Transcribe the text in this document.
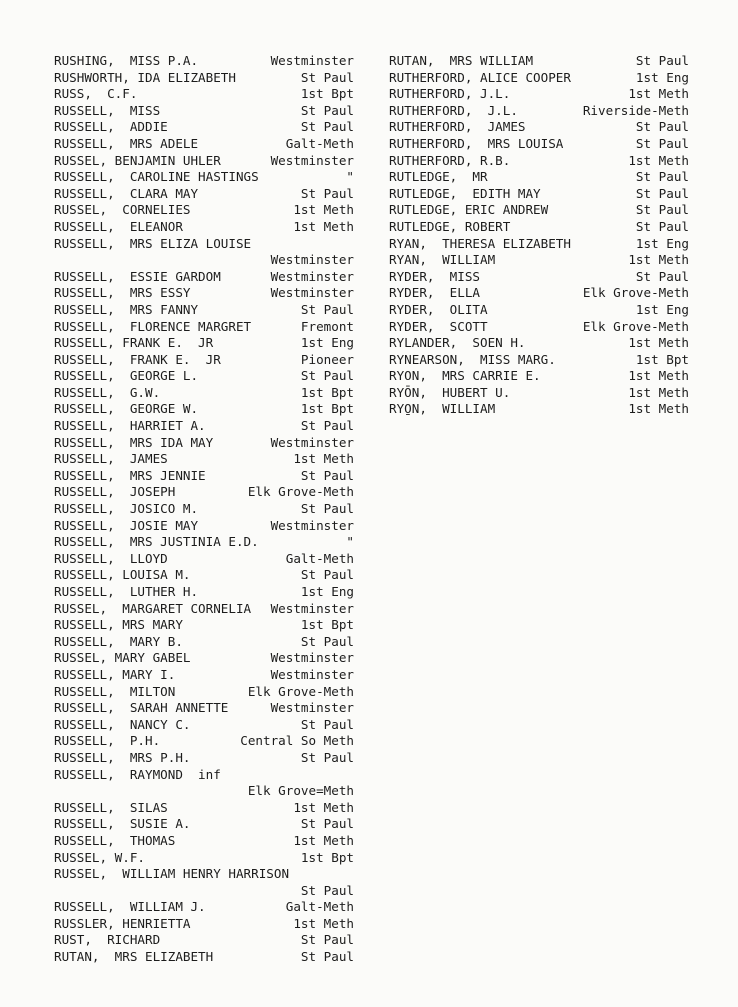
RUSHING,  MISS P.A.	Westminster
RUSHWORTH, IDA ELIZABETH	St Paul
RUSS,  C.F.	1st Bpt
RUSSELL,  MISS	St Paul
RUSSELL,  ADDIE	St Paul
RUSSELL,  MRS ADELE	Galt-Meth
RUSSEL, BENJAMIN UHLER	Westminster
RUSSELL,  CAROLINE HASTINGS	"
RUSSELL,  CLARA MAY	St Paul
RUSSEL,  CORNELIES	1st Meth
RUSSELL,  ELEANOR	1st Meth
RUSSELL,  MRS ELIZA LOUISE
Westminster
RUSSELL,  ESSIE GARDOM	Westminster
RUSSELL,  MRS ESSY	Westminster
RUSSELL,  MRS FANNY	St Paul
RUSSELL,  FLORENCE MARGRET	Fremont
RUSSELL, FRANK E.  JR	1st Eng
RUSSELL,  FRANK E.  JR	Pioneer
RUSSELL,  GEORGE L.	St Paul
RUSSELL,  G.W.	1st Bpt
RUSSELL,  GEORGE W.	1st Bpt
RUSSELL,  HARRIET A.	St Paul
RUSSELL,  MRS IDA MAY	Westminster
RUSSELL,  JAMES	1st Meth
RUSSELL,  MRS JENNIE	St Paul
RUSSELL,  JOSEPH	Elk Grove-Meth
RUSSELL,  JOSICO M.	St Paul
RUSSELL,  JOSIE MAY	Westminster
RUSSELL,  MRS JUSTINIA E.D.	"
RUSSELL,  LLOYD	Galt-Meth
RUSSELL, LOUISA M.	St Paul
RUSSELL,  LUTHER H.	1st Eng
RUSSEL,  MARGARET CORNELIA Westminster
RUSSELL, MRS MARY	1st Bpt
RUSSELL,  MARY B.	St Paul
RUSSEL, MARY GABEL	Westminster
RUSSELL, MARY I.	Westminster
RUSSELL,  MILTON	Elk Grove-Meth
RUSSELL,  SARAH ANNETTE	Westminster
RUSSELL,  NANCY C.	St Paul
RUSSELL,  P.H.	Central So Meth
RUSSELL,  MRS P.H.	St Paul
RUSSELL,  RAYMOND  inf
Elk Grove=Meth
RUSSELL,  SILAS	1st Meth
RUSSELL,  SUSIE A.	St Paul
RUSSELL,  THOMAS	1st Meth
RUSSEL, W.F.	1st Bpt
RUSSEL,  WILLIAM HENRY HARRISON
St Paul
RUSSELL,  WILLIAM J.	Galt-Meth
RUSSLER, HENRIETTA	1st Meth
RUST,  RICHARD	St Paul
RUTAN,  MRS ELIZABETH	St Paul
RUTAN,  MRS WILLIAM	St Paul
RUTHERFORD, ALICE COOPER	1st Eng
RUTHERFORD, J.L.	1st Meth
RUTHERFORD,  J.L.	Riverside-Meth
RUTHERFORD,  JAMES	St Paul
RUTHERFORD,  MRS LOUISA	St Paul
RUTHERFORD, R.B.	1st Meth
RUTLEDGE,  MR	St Paul
RUTLEDGE,  EDITH MAY	St Paul
RUTLEDGE, ERIC ANDREW	St Paul
RUTLEDGE, ROBERT	St Paul
RYAN,  THERESA ELIZABETH	1st Eng
RYAN,  WILLIAM	1st Meth
RYDER,  MISS	St Paul
RYDER,  ELLA	Elk Grove-Meth
RYDER,  OLITA	1st Eng
RYDER,  SCOTT	Elk Grove-Meth
RYLANDER,  SOEN H.	1st Meth
RYNEARSON,  MISS MARG.	1st Bpt
RYON,  MRS CARRIE E.	1st Meth
RYŌN,  HUBERT U.	1st Meth
RYO̱N,  WILLIAM	1st Meth
